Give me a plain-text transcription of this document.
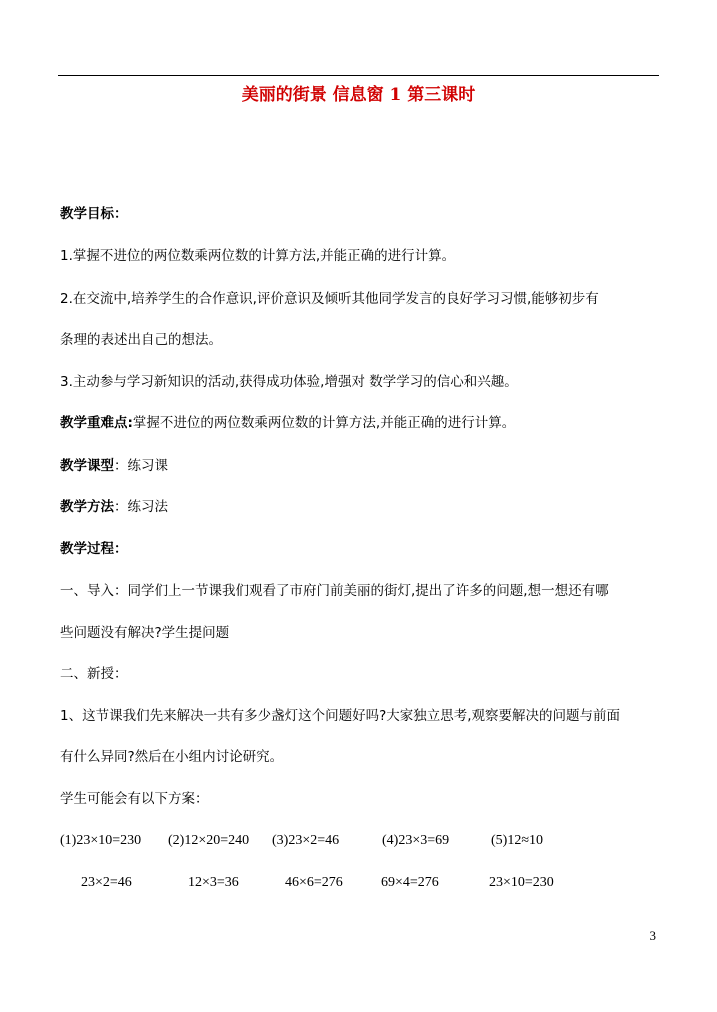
美丽的街景 信息窗 1 第三课时
教学目标：
1.掌握不进位的两位数乘两位数的计算方法,并能正确的进行计算。
2.在交流中,培养学生的合作意识,评价意识及倾听其他同学发言的良好学习习惯,能够初步有
条理的表述出自己的想法。
3.主动参与学习新知识的活动,获得成功体验,增强对 数学学习的信心和兴趣。
教学重难点:掌握不进位的两位数乘两位数的计算方法,并能正确的进行计算。
教学课型：练习课
教学方法：练习法
教学过程：
一、导入：同学们上一节课我们观看了市府门前美丽的街灯,提出了许多的问题,想一想还有哪
些问题没有解决?学生提问题
二、新授：
1、这节课我们先来解决一共有多少盏灯这个问题好吗?大家独立思考,观察要解决的问题与前面
有什么异同?然后在小组内讨论研究。
学生可能会有以下方案：
(1)23×10=230 (2)12×20=240 (3)23×2=46	(4)23×3=69	(5)12≈10
23×2=46	12×3=36	46×6=276	69×4=276	23×10=230
3
